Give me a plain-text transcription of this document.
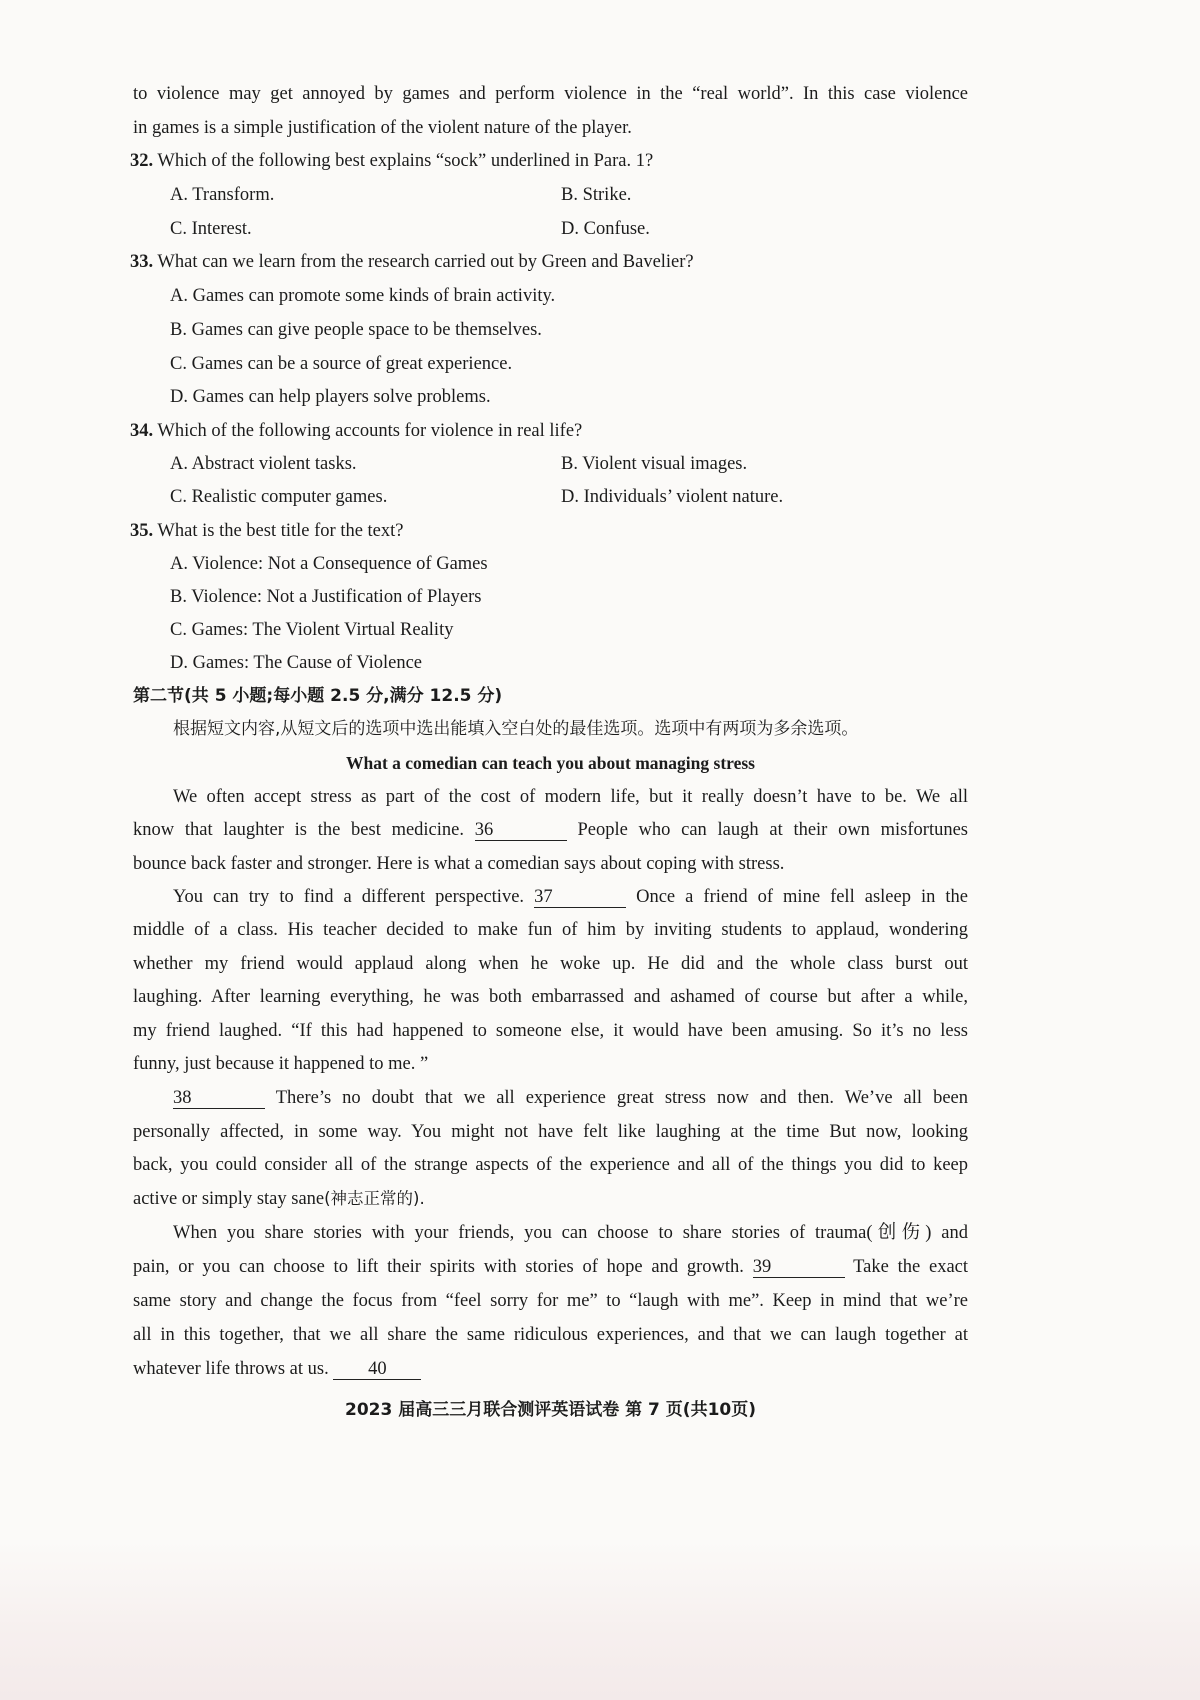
to violence may get annoyed by games and perform violence in the “real world”. In this case violence
in games is a simple justification of the violent nature of the player.
32. Which of the following best explains “sock” underlined in Para. 1?
A. Transform.	B. Strike.
C. Interest.	D. Confuse.
33. What can we learn from the research carried out by Green and Bavelier?
A. Games can promote some kinds of brain activity.
B. Games can give people space to be themselves.
C. Games can be a source of great experience.
D. Games can help players solve problems.
34. Which of the following accounts for violence in real life?
A. Abstract violent tasks.	B. Violent visual images.
C. Realistic computer games.	D. Individuals’ violent nature.
35. What is the best title for the text?
A. Violence: Not a Consequence of Games
B. Violence: Not a Justification of Players
C. Games: The Violent Virtual Reality
D. Games: The Cause of Violence
第二节(共 5 小题;每小题 2.5 分,满分 12.5 分)
根据短文内容,从短文后的选项中选出能填入空白处的最佳选项。选项中有两项为多余选项。
What a comedian can teach you about managing stress
We often accept stress as part of the cost of modern life, but it really doesn’t have to be. We all
know that laughter is the best medicine. 36	People who can laugh at their own misfortunes
bounce back faster and stronger. Here is what a comedian says about coping with stress.
You can try to find a different perspective. 37	Once a friend of mine fell asleep in the
middle of a class. His teacher decided to make fun of him by inviting students to applaud, wondering
whether my friend would applaud along when he woke up. He did and the whole class burst out
laughing. After learning everything, he was both embarrassed and ashamed of course but after a while,
my friend laughed. “If this had happened to someone else, it would have been amusing. So it’s no less
funny, just because it happened to me. ”
38	There’s no doubt that we all experience great stress now and then. We’ve all been
personally affected, in some way. You might not have felt like laughing at the time But now, looking
back, you could consider all of the strange aspects of the experience and all of the things you did to keep
active or simply stay sane(神志正常的).
When you share stories with your friends, you can choose to share stories of trauma(创伤) and
pain, or you can choose to lift their spirits with stories of hope and growth. 39	Take the exact
same story and change the focus from “feel sorry for me” to “laugh with me”. Keep in mind that we’re
all in this together, that we all share the same ridiculous experiences, and that we can laugh together at
whatever life throws at us. 40
2023 届高三三月联合测评英语试卷 第 7 页(共10页)
